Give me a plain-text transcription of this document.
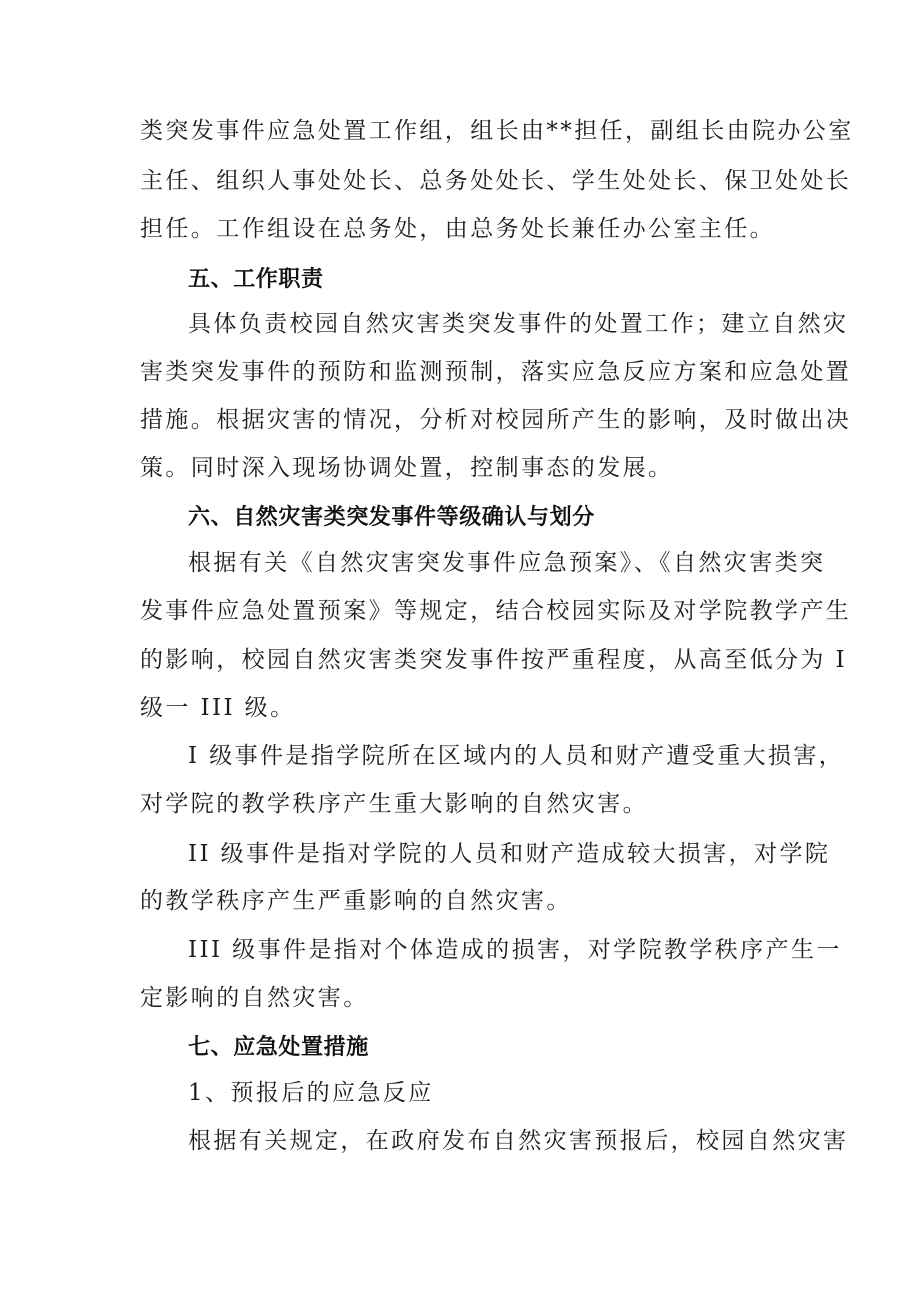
类突发事件应急处置工作组，组长由**担任，副组长由院办公室

主任、组织人事处处长、总务处处长、学生处处长、保卫处处长

担任。工作组设在总务处，由总务处长兼任办公室主任。

五、工作职责

具体负责校园自然灾害类突发事件的处置工作；建立自然灾

害类突发事件的预防和监测预制，落实应急反应方案和应急处置

措施。根据灾害的情况，分析对校园所产生的影响，及时做出决

策。同时深入现场协调处置，控制事态的发展。

六、自然灾害类突发事件等级确认与划分

根据有关《自然灾害突发事件应急预案》、《自然灾害类突

发事件应急处置预案》等规定，结合校园实际及对学院教学产生

的影响，校园自然灾害类突发事件按严重程度，从高至低分为 I

级一 III 级。

I 级事件是指学院所在区域内的人员和财产遭受重大损害，

对学院的教学秩序产生重大影响的自然灾害。

II 级事件是指对学院的人员和财产造成较大损害，对学院

的教学秩序产生严重影响的自然灾害。

III 级事件是指对个体造成的损害，对学院教学秩序产生一

定影响的自然灾害。

七、应急处置措施

1、预报后的应急反应

根据有关规定，在政府发布自然灾害预报后，校园自然灾害
